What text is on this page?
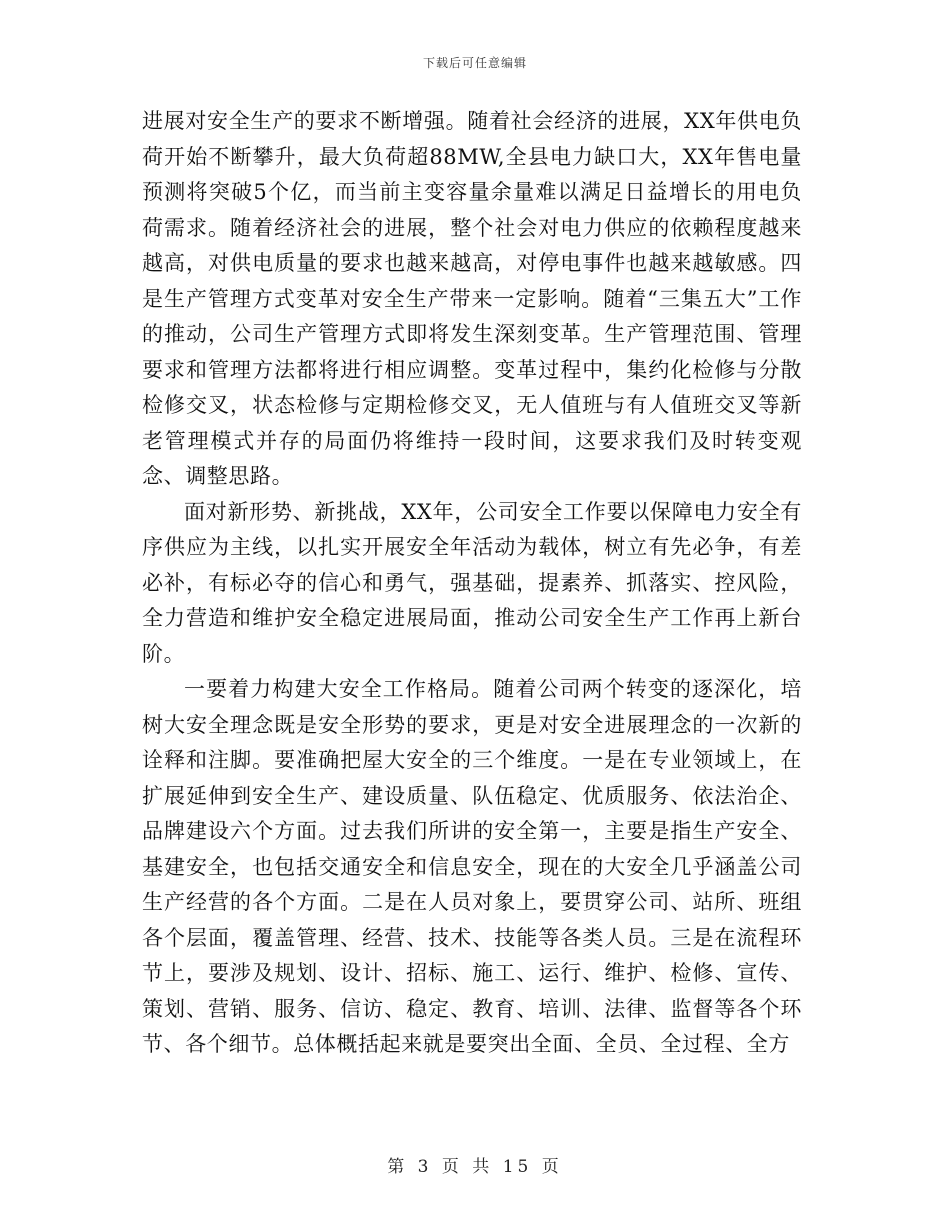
下载后可任意编辑

进展对安全生产的要求不断增强。随着社会经济的进展，XX年供电负荷开始不断攀升，最大负荷超88MW,全县电力缺口大，XX年售电量预测将突破5个亿，而当前主变容量余量难以满足日益增长的用电负荷需求。随着经济社会的进展，整个社会对电力供应的依赖程度越来越高，对供电质量的要求也越来越高，对停电事件也越来越敏感。四是生产管理方式变革对安全生产带来一定影响。随着“三集五大”工作的推动，公司生产管理方式即将发生深刻变革。生产管理范围、管理要求和管理方法都将进行相应调整。变革过程中，集约化检修与分散检修交叉，状态检修与定期检修交叉，无人值班与有人值班交叉等新老管理模式并存的局面仍将维持一段时间，这要求我们及时转变观念、调整思路。

面对新形势、新挑战，XX年，公司安全工作要以保障电力安全有序供应为主线，以扎实开展安全年活动为载体，树立有先必争，有差必补，有标必夺的信心和勇气，强基础，提素养、抓落实、控风险，全力营造和维护安全稳定进展局面，推动公司安全生产工作再上新台阶。

一要着力构建大安全工作格局。随着公司两个转变的逐深化，培树大安全理念既是安全形势的要求，更是对安全进展理念的一次新的诠释和注脚。要准确把屋大安全的三个维度。一是在专业领域上，在扩展延伸到安全生产、建设质量、队伍稳定、优质服务、依法治企、品牌建设六个方面。过去我们所讲的安全第一，主要是指生产安全、基建安全，也包括交通安全和信息安全，现在的大安全几乎涵盖公司生产经营的各个方面。二是在人员对象上，要贯穿公司、站所、班组各个层面，覆盖管理、经营、技术、技能等各类人员。三是在流程环节上，要涉及规划、设计、招标、施工、运行、维护、检修、宣传、策划、营销、服务、信访、稳定、教育、培训、法律、监督等各个环节、各个细节。总体概括起来就是要突出全面、全员、全过程、全方

第 3 页 共 15 页
